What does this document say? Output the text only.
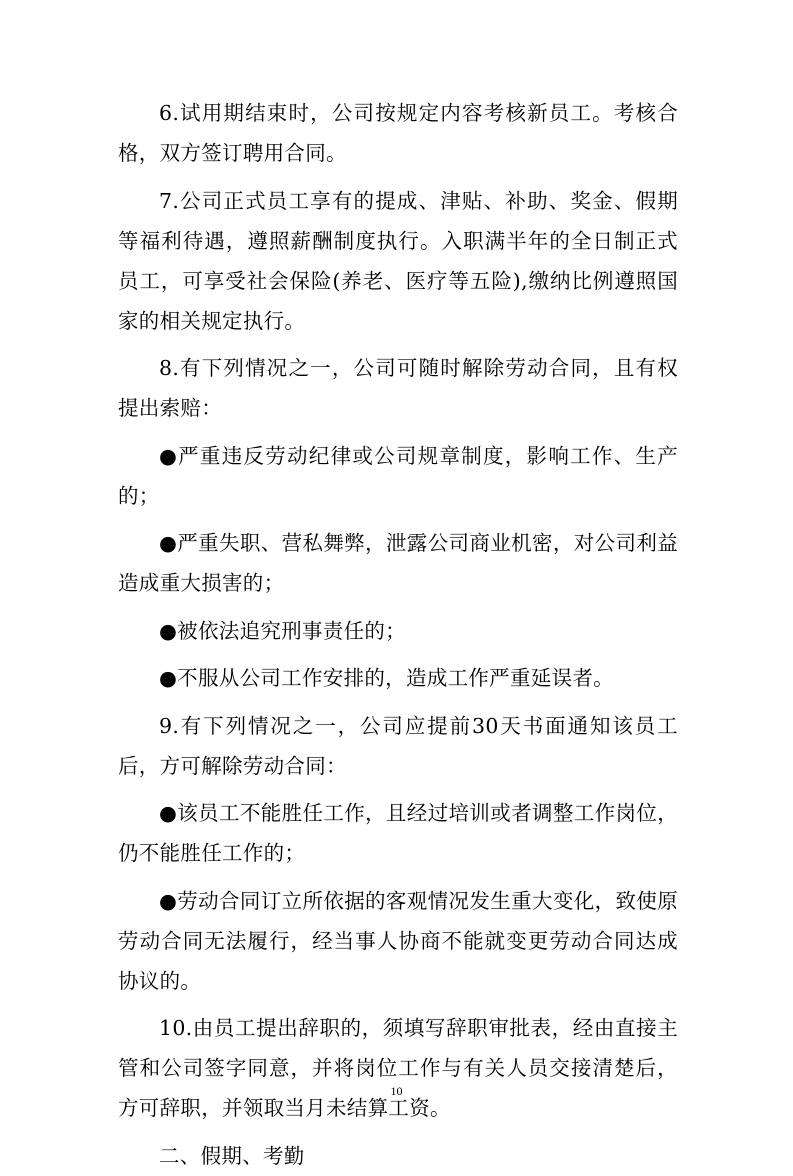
6.试用期结束时，公司按规定内容考核新员工。考核合格，双方签订聘用合同。

7.公司正式员工享有的提成、津贴、补助、奖金、假期等福利待遇，遵照薪酬制度执行。入职满半年的全日制正式员工，可享受社会保险(养老、医疗等五险),缴纳比例遵照国家的相关规定执行。

8.有下列情况之一，公司可随时解除劳动合同，且有权提出索赔：

●严重违反劳动纪律或公司规章制度，影响工作、生产的；

●严重失职、营私舞弊，泄露公司商业机密，对公司利益造成重大损害的；

●被依法追究刑事责任的；

●不服从公司工作安排的，造成工作严重延误者。

9.有下列情况之一，公司应提前30天书面通知该员工后，方可解除劳动合同：

●该员工不能胜任工作，且经过培训或者调整工作岗位，仍不能胜任工作的；

●劳动合同订立所依据的客观情况发生重大变化，致使原劳动合同无法履行，经当事人协商不能就变更劳动合同达成协议的。

10.由员工提出辞职的，须填写辞职审批表，经由直接主管和公司签字同意，并将岗位工作与有关人员交接清楚后，方可辞职，并领取当月未结算工资。

二、假期、考勤

10
